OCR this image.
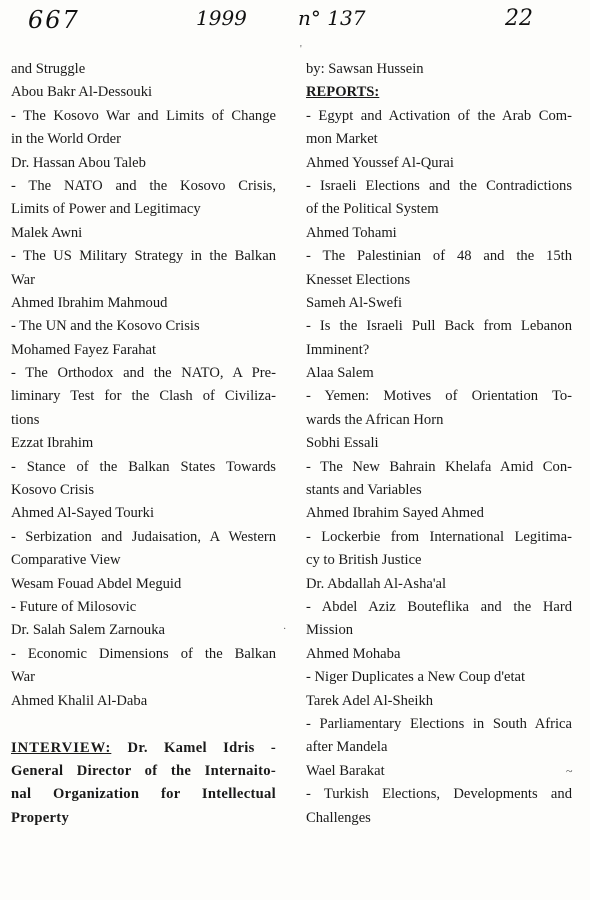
667	1999	n° 137	22
and Struggle
Abou Bakr Al-Dessouki
- The Kosovo War and Limits of Change
in the World Order
Dr. Hassan Abou Taleb
- The NATO and the Kosovo Crisis,
Limits of Power and Legitimacy
Malek Awni
- The US Military Strategy in the Balkan
War
Ahmed Ibrahim Mahmoud
- The UN and the Kosovo Crisis
Mohamed Fayez Farahat
- The Orthodox and the NATO, A Pre-
liminary Test for the Clash of Civiliza-
tions
Ezzat Ibrahim
- Stance of the Balkan States Towards
Kosovo Crisis
Ahmed Al-Sayed Tourki
- Serbization and Judaisation, A Western
Comparative View
Wesam Fouad Abdel Meguid
- Future of Milosovic
Dr. Salah Salem Zarnouka
- Economic Dimensions of the Balkan
War
Ahmed Khalil Al-Daba
INTERVIEW: Dr. Kamel Idris -
General Director of the Internaito-
nal Organization for Intellectual
Property
by: Sawsan Hussein
REPORTS:
- Egypt and Activation of the Arab Com-
mon Market
Ahmed Youssef Al-Qurai
- Israeli Elections and the Contradictions
of the Political System
Ahmed Tohami
- The Palestinian of 48 and the 15th
Knesset Elections
Sameh Al-Swefi
- Is the Israeli Pull Back from Lebanon
Imminent?
Alaa Salem
- Yemen: Motives of Orientation To-
wards the African Horn
Sobhi Essali
- The New Bahrain Khelafa Amid Con-
stants and Variables
Ahmed Ibrahim Sayed Ahmed
- Lockerbie from International Legitima-
cy to British Justice
Dr. Abdallah Al-Asha'al
- Abdel Aziz Bouteflika and the Hard
Mission
Ahmed Mohaba
- Niger Duplicates a New Coup d'etat
Tarek Adel Al-Sheikh
- Parliamentary Elections in South Africa
after Mandela
Wael Barakat
- Turkish Elections, Developments and
Challenges
'
~
·
